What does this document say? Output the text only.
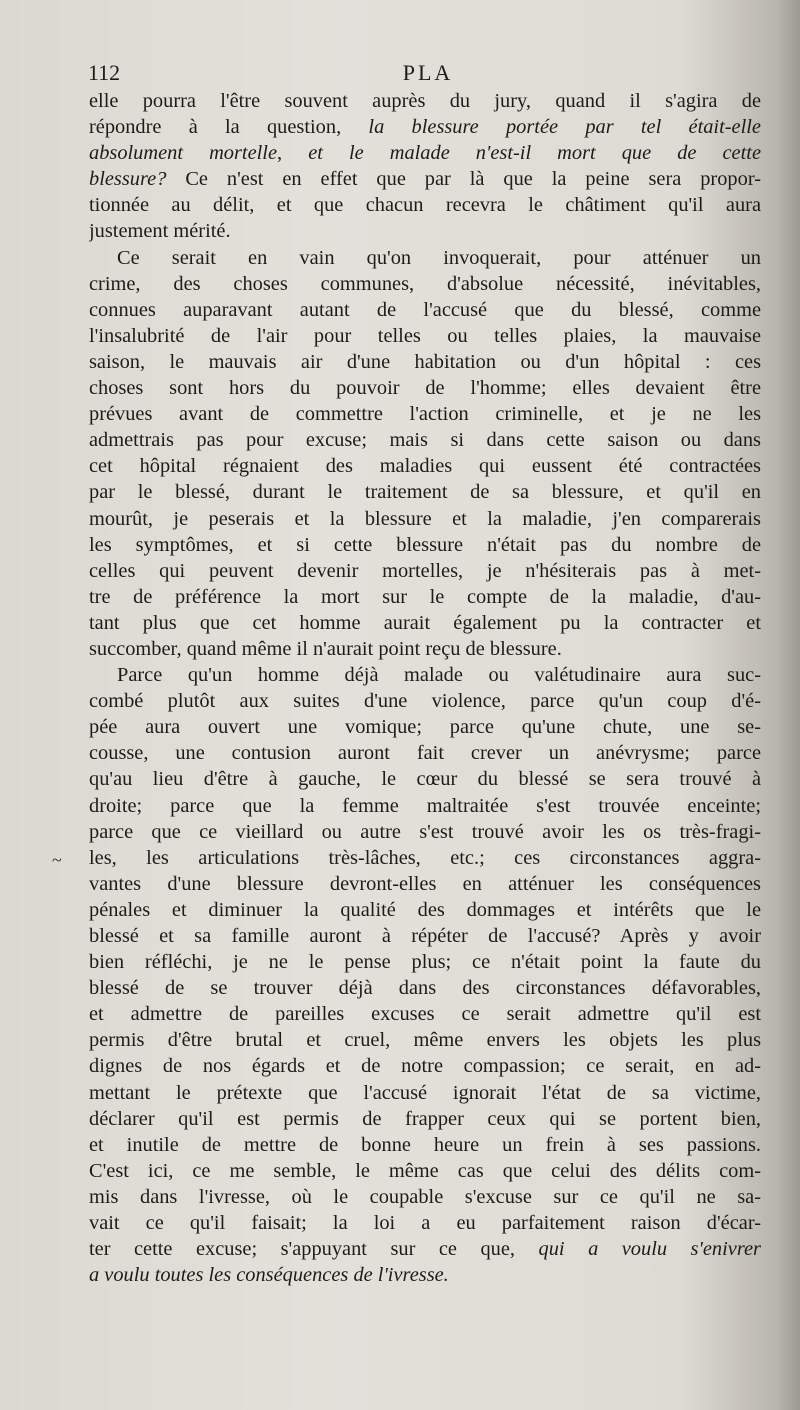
112	PLA
~
elle pourra l'être souvent auprès du jury, quand il s'agira de
répondre à la question, la blessure portée par tel était-elle
absolument mortelle, et le malade n'est-il mort que de cette
blessure? Ce n'est en effet que par là que la peine sera propor-
tionnée au délit, et que chacun recevra le châtiment qu'il aura
justement mérité.
Ce serait en vain qu'on invoquerait, pour atténuer un
crime, des choses communes, d'absolue nécessité, inévitables,
connues auparavant autant de l'accusé que du blessé, comme
l'insalubrité de l'air pour telles ou telles plaies, la mauvaise
saison, le mauvais air d'une habitation ou d'un hôpital : ces
choses sont hors du pouvoir de l'homme; elles devaient être
prévues avant de commettre l'action criminelle, et je ne les
admettrais pas pour excuse; mais si dans cette saison ou dans
cet hôpital régnaient des maladies qui eussent été contractées
par le blessé, durant le traitement de sa blessure, et qu'il en
mourût, je peserais et la blessure et la maladie, j'en comparerais
les symptômes, et si cette blessure n'était pas du nombre de
celles qui peuvent devenir mortelles, je n'hésiterais pas à met-
tre de préférence la mort sur le compte de la maladie, d'au-
tant plus que cet homme aurait également pu la contracter et
succomber, quand même il n'aurait point reçu de blessure.
Parce qu'un homme déjà malade ou valétudinaire aura suc-
combé plutôt aux suites d'une violence, parce qu'un coup d'é-
pée aura ouvert une vomique; parce qu'une chute, une se-
cousse, une contusion auront fait crever un anévrysme; parce
qu'au lieu d'être à gauche, le cœur du blessé se sera trouvé à
droite; parce que la femme maltraitée s'est trouvée enceinte;
parce que ce vieillard ou autre s'est trouvé avoir les os très-fragi-
les, les articulations très-lâches, etc.; ces circonstances aggra-
vantes d'une blessure devront-elles en atténuer les conséquences
pénales et diminuer la qualité des dommages et intérêts que le
blessé et sa famille auront à répéter de l'accusé? Après y avoir
bien réfléchi, je ne le pense plus; ce n'était point la faute du
blessé de se trouver déjà dans des circonstances défavorables,
et admettre de pareilles excuses ce serait admettre qu'il est
permis d'être brutal et cruel, même envers les objets les plus
dignes de nos égards et de notre compassion; ce serait, en ad-
mettant le prétexte que l'accusé ignorait l'état de sa victime,
déclarer qu'il est permis de frapper ceux qui se portent bien,
et inutile de mettre de bonne heure un frein à ses passions.
C'est ici, ce me semble, le même cas que celui des délits com-
mis dans l'ivresse, où le coupable s'excuse sur ce qu'il ne sa-
vait ce qu'il faisait; la loi a eu parfaitement raison d'écar-
ter cette excuse; s'appuyant sur ce que, qui a voulu s'enivrer
a voulu toutes les conséquences de l'ivresse.
